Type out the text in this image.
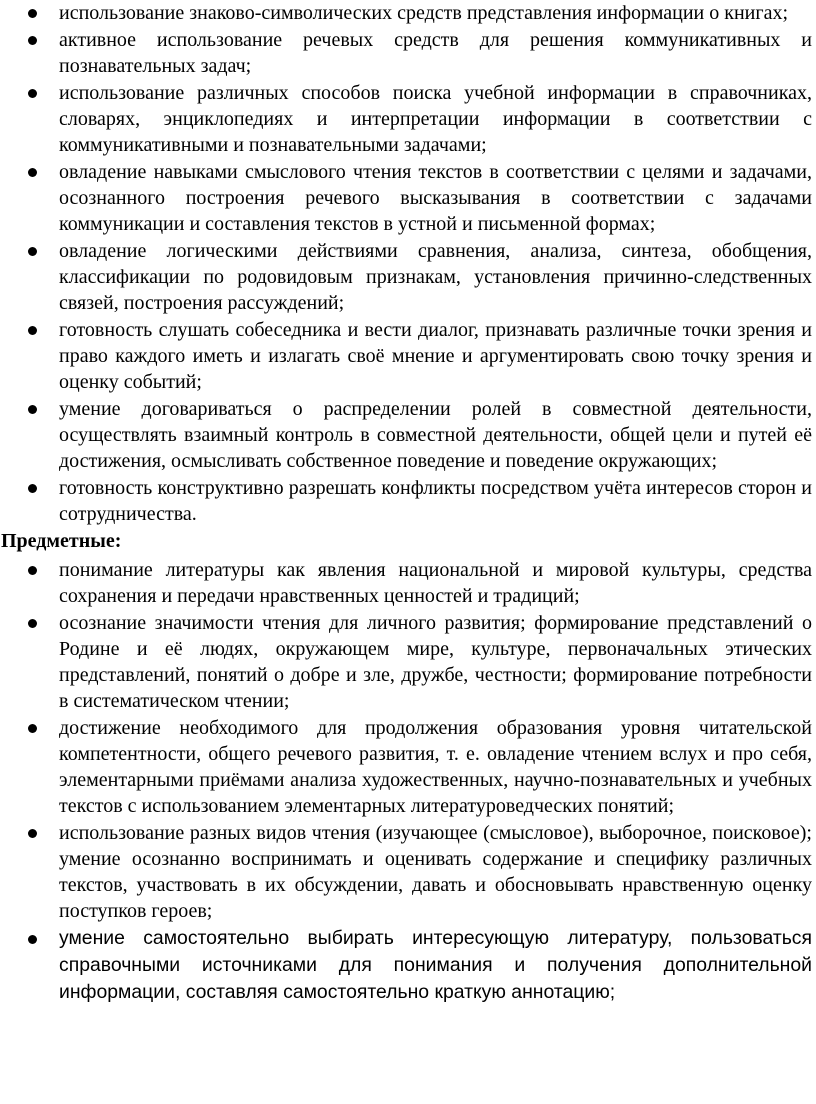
использование знаково-символических средств представления информации о книгах;
активное использование речевых средств для решения коммуникативных и познавательных задач;
использование различных способов поиска учебной информации в справочниках, словарях, энциклопедиях и интерпретации информации в соответствии с коммуникативными и познавательными задачами;
овладение навыками смыслового чтения текстов в соответствии с целями и задачами, осознанного построения речевого высказывания в соответствии с задачами коммуникации и составления текстов в устной и письменной формах;
овладение логическими действиями сравнения, анализа, синтеза, обобщения, классификации по родовидовым признакам, установления причинно-следственных связей, построения рассуждений;
готовность слушать собеседника и вести диалог, признавать различные точки зрения и право каждого иметь и излагать своё мнение и аргументировать свою точку зрения и оценку событий;
умение договариваться о распределении ролей в совместной деятельности, осуществлять взаимный контроль в совместной деятельности, общей цели и путей её достижения, осмысливать собственное поведение и поведение окружающих;
готовность конструктивно разрешать конфликты посредством учёта интересов сторон и сотрудничества.
Предметные:
понимание литературы как явления национальной и мировой культуры, средства сохранения и передачи нравственных ценностей и традиций;
осознание значимости чтения для личного развития; формирование представлений о Родине и её людях, окружающем мире, культуре, первоначальных этических представлений, понятий о добре и зле, дружбе, честности; формирование потребности в систематическом чтении;
достижение необходимого для продолжения образования уровня читательской компетентности, общего речевого развития, т. е. овладение чтением вслух и про себя, элементарными приёмами анализа художественных, научно-познавательных и учебных текстов с использованием элементарных литературоведческих понятий;
использование разных видов чтения (изучающее (смысловое), выборочное, поисковое); умение осознанно воспринимать и оценивать содержание и специфику различных текстов, участвовать в их обсуждении, давать и обосновывать нравственную оценку поступков героев;
умение самостоятельно выбирать интересующую литературу, пользоваться справочными источниками для понимания и получения дополнительной информации, составляя самостоятельно краткую аннотацию;
